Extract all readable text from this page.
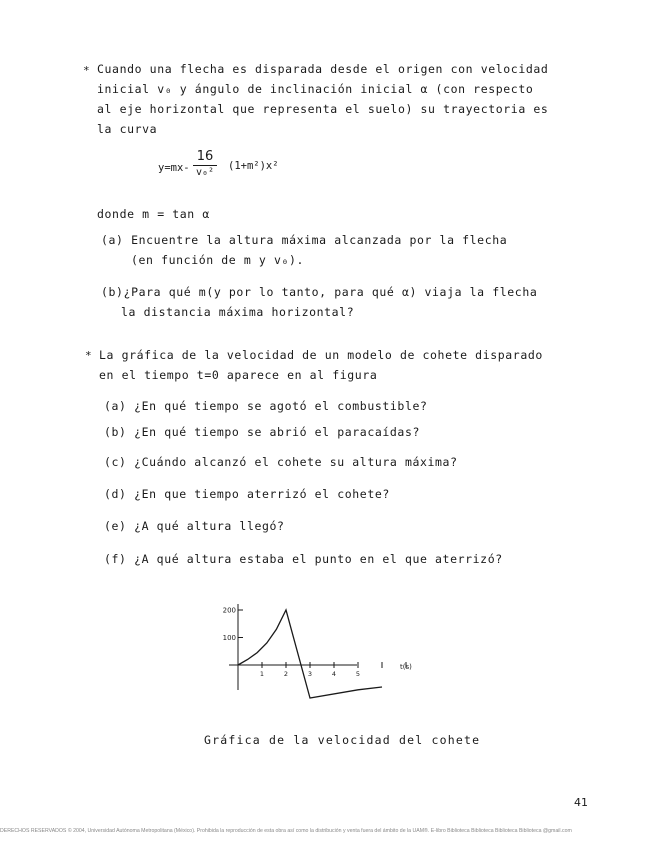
* Cuando una flecha es disparada desde el origen con velocidad
inicial v₀ y ángulo de inclinación inicial α (con respecto
al eje horizontal que representa el suelo) su trayectoria es
la curva
y=mx-
16
v₀²
(1+m²)x²
donde m = tan α
(a) Encuentre la altura máxima alcanzada por la flecha
(en función de m y v₀).
(b)¿Para qué m(y por lo tanto, para qué α) viaja la flecha
la distancia máxima horizontal?
* La gráfica de la velocidad de un modelo de cohete disparado
en el tiempo t=0 aparece en al figura
(a) ¿En qué tiempo se agotó el combustible?
(b) ¿En qué tiempo se abrió el paracaídas?
(c) ¿Cuándo alcanzó el cohete su altura máxima?
(d) ¿En que tiempo aterrizó el cohete?
(e) ¿A qué altura llegó?
(f) ¿A qué altura estaba el punto en el que aterrizó?
200
100
1	2	3	4	5
t(s)
Gráfica de la velocidad del cohete
41
DERECHOS RESERVADOS © 2004, Universidad Autónoma Metropolitana (México). Prohibida la reproducción de esta obra así como la distribución y venta fuera del ámbito de la UAM®. E-libro Biblioteca Biblioteca Biblioteca Biblioteca @gmail.com
